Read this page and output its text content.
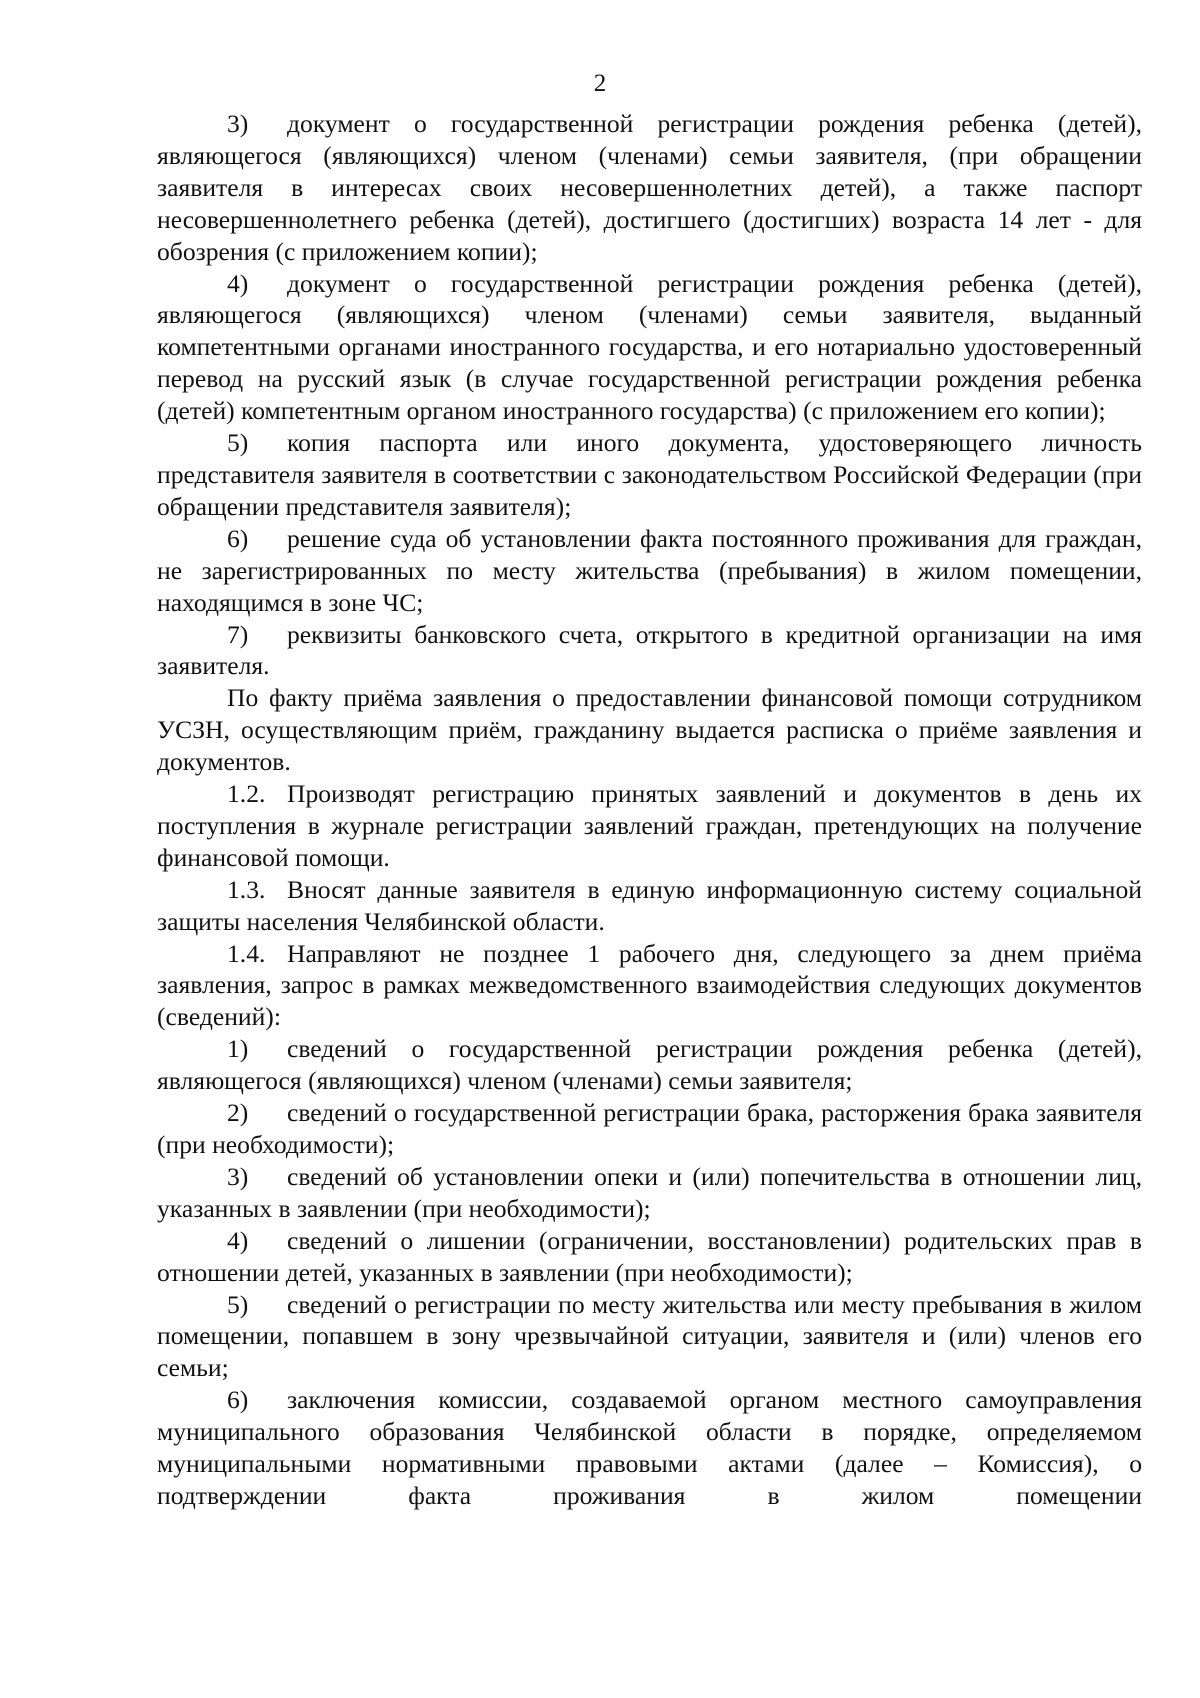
2

3) документ о государственной регистрации рождения ребенка (детей), являющегося (являющихся) членом (членами) семьи заявителя, (при обращении заявителя в интересах своих несовершеннолетних детей), а также паспорт несовершеннолетнего ребенка (детей), достигшего (достигших) возраста 14 лет - для обозрения (с приложением копии);

4) документ о государственной регистрации рождения ребенка (детей), являющегося (являющихся) членом (членами) семьи заявителя, выданный компетентными органами иностранного государства, и его нотариально удостоверенный перевод на русский язык (в случае государственной регистрации рождения ребенка (детей) компетентным органом иностранного государства) (с приложением его копии);

5) копия паспорта или иного документа, удостоверяющего личность представителя заявителя в соответствии с законодательством Российской Федерации (при обращении представителя заявителя);

6) решение суда об установлении факта постоянного проживания для граждан, не зарегистрированных по месту жительства (пребывания) в жилом помещении, находящимся в зоне ЧС;

7) реквизиты банковского счета, открытого в кредитной организации на имя заявителя.

По факту приёма заявления о предоставлении финансовой помощи сотрудником УСЗН, осуществляющим приём, гражданину выдается расписка о приёме заявления и документов.

1.2. Производят регистрацию принятых заявлений и документов в день их поступления в журнале регистрации заявлений граждан, претендующих на получение финансовой помощи.

1.3. Вносят данные заявителя в единую информационную систему социальной защиты населения Челябинской области.

1.4. Направляют не позднее 1 рабочего дня, следующего за днем приёма заявления, запрос в рамках межведомственного взаимодействия следующих документов (сведений):

1) сведений о государственной регистрации рождения ребенка (детей), являющегося (являющихся) членом (членами) семьи заявителя;

2) сведений о государственной регистрации брака, расторжения брака заявителя (при необходимости);

3) сведений об установлении опеки и (или) попечительства в отношении лиц, указанных в заявлении (при необходимости);

4) сведений о лишении (ограничении, восстановлении) родительских прав в отношении детей, указанных в заявлении (при необходимости);

5) сведений о регистрации по месту жительства или месту пребывания в жилом помещении, попавшем в зону чрезвычайной ситуации, заявителя и (или) членов его семьи;

6) заключения комиссии, создаваемой органом местного самоуправления муниципального образования Челябинской области в порядке, определяемом муниципальными нормативными правовыми актами (далее – Комиссия), о подтверждении факта проживания в жилом помещении
